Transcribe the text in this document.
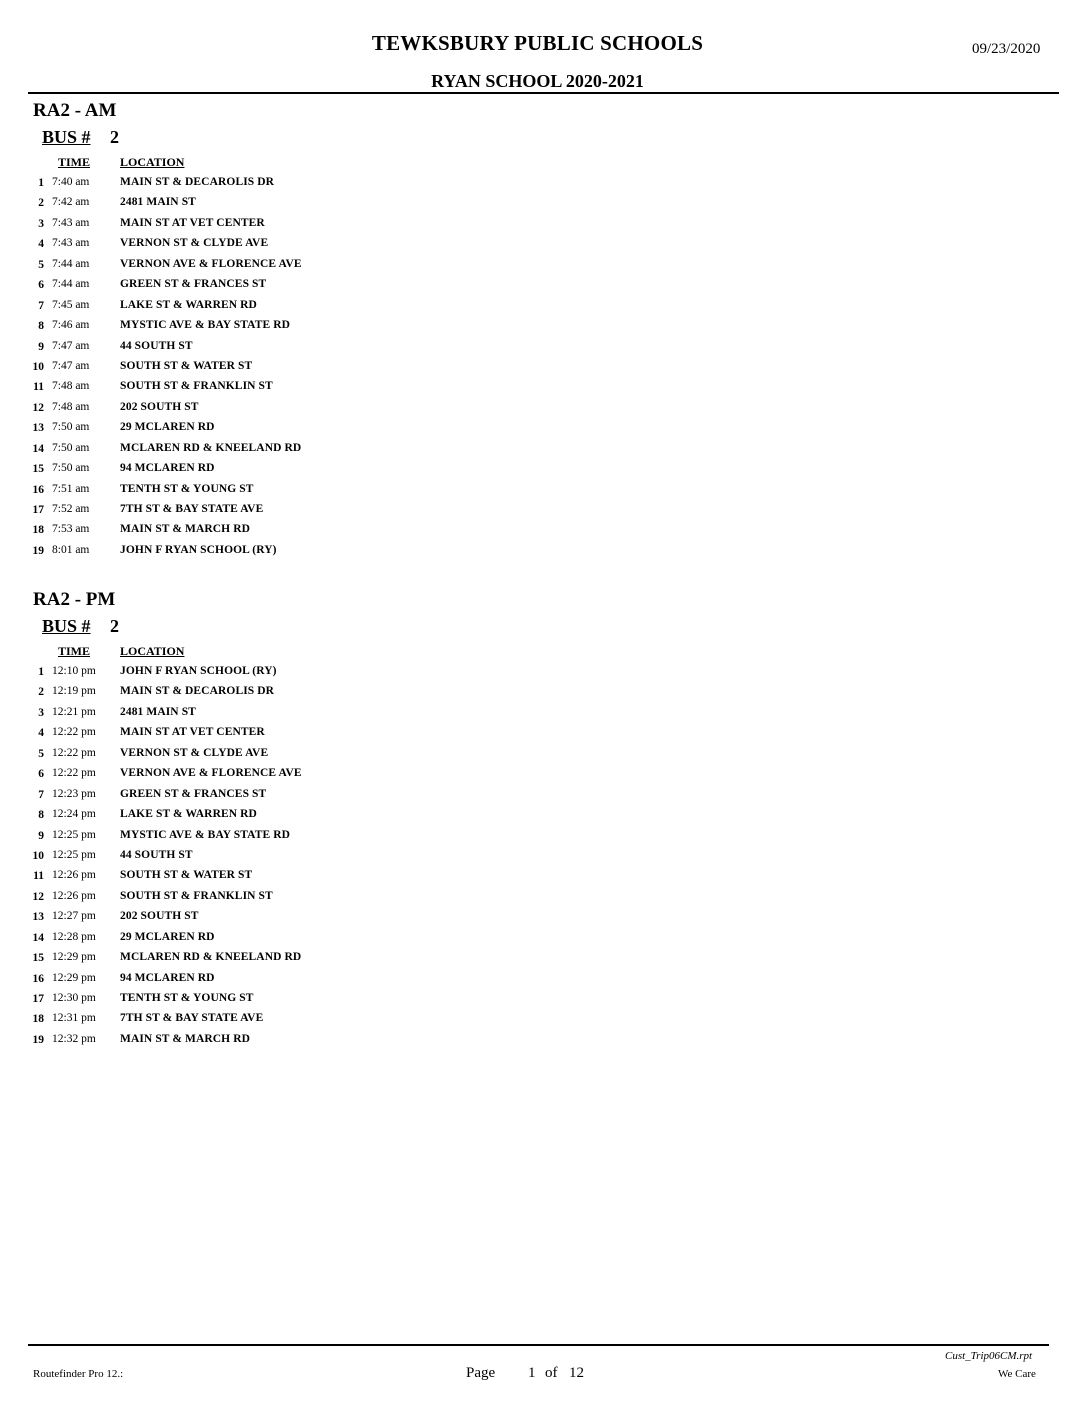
TEWKSBURY PUBLIC SCHOOLS	09/23/2020
RYAN SCHOOL 2020-2021
RA2 - AM
BUS # 2
TIME LOCATION
1 7:40 am	MAIN ST & DECAROLIS DR
2 7:42 am	2481 MAIN ST
3 7:43 am	MAIN ST AT VET CENTER
4 7:43 am	VERNON ST & CLYDE AVE
5 7:44 am	VERNON AVE & FLORENCE AVE
6 7:44 am	GREEN ST & FRANCES ST
7 7:45 am	LAKE ST & WARREN RD
8 7:46 am	MYSTIC AVE & BAY STATE RD
9 7:47 am	44 SOUTH ST
10 7:47 am	SOUTH ST & WATER ST
11 7:48 am	SOUTH ST & FRANKLIN ST
12 7:48 am	202 SOUTH ST
13 7:50 am	29 MCLAREN RD
14 7:50 am	MCLAREN RD & KNEELAND RD
15 7:50 am	94 MCLAREN RD
16 7:51 am	TENTH ST & YOUNG ST
17 7:52 am	7TH ST & BAY STATE AVE
18 7:53 am	MAIN ST & MARCH RD
19 8:01 am	JOHN F RYAN SCHOOL (RY)
RA2 - PM
BUS # 2
TIME LOCATION
1 12:10 pm JOHN F RYAN SCHOOL (RY)
2 12:19 pm MAIN ST & DECAROLIS DR
3 12:21 pm 2481 MAIN ST
4 12:22 pm MAIN ST AT VET CENTER
5 12:22 pm VERNON ST & CLYDE AVE
6 12:22 pm VERNON AVE & FLORENCE AVE
7 12:23 pm GREEN ST & FRANCES ST
8 12:24 pm LAKE ST & WARREN RD
9 12:25 pm MYSTIC AVE & BAY STATE RD
10 12:25 pm 44 SOUTH ST
11 12:26 pm SOUTH ST & WATER ST
12 12:26 pm SOUTH ST & FRANKLIN ST
13 12:27 pm 202 SOUTH ST
14 12:28 pm 29 MCLAREN RD
15 12:29 pm MCLAREN RD & KNEELAND RD
16 12:29 pm 94 MCLAREN RD
17 12:30 pm TENTH ST & YOUNG ST
18 12:31 pm 7TH ST & BAY STATE AVE
19 12:32 pm MAIN ST & MARCH RD
Cust_Trip06CM.rpt
Routefinder Pro 12.:	Page 1 of 12	We Care
